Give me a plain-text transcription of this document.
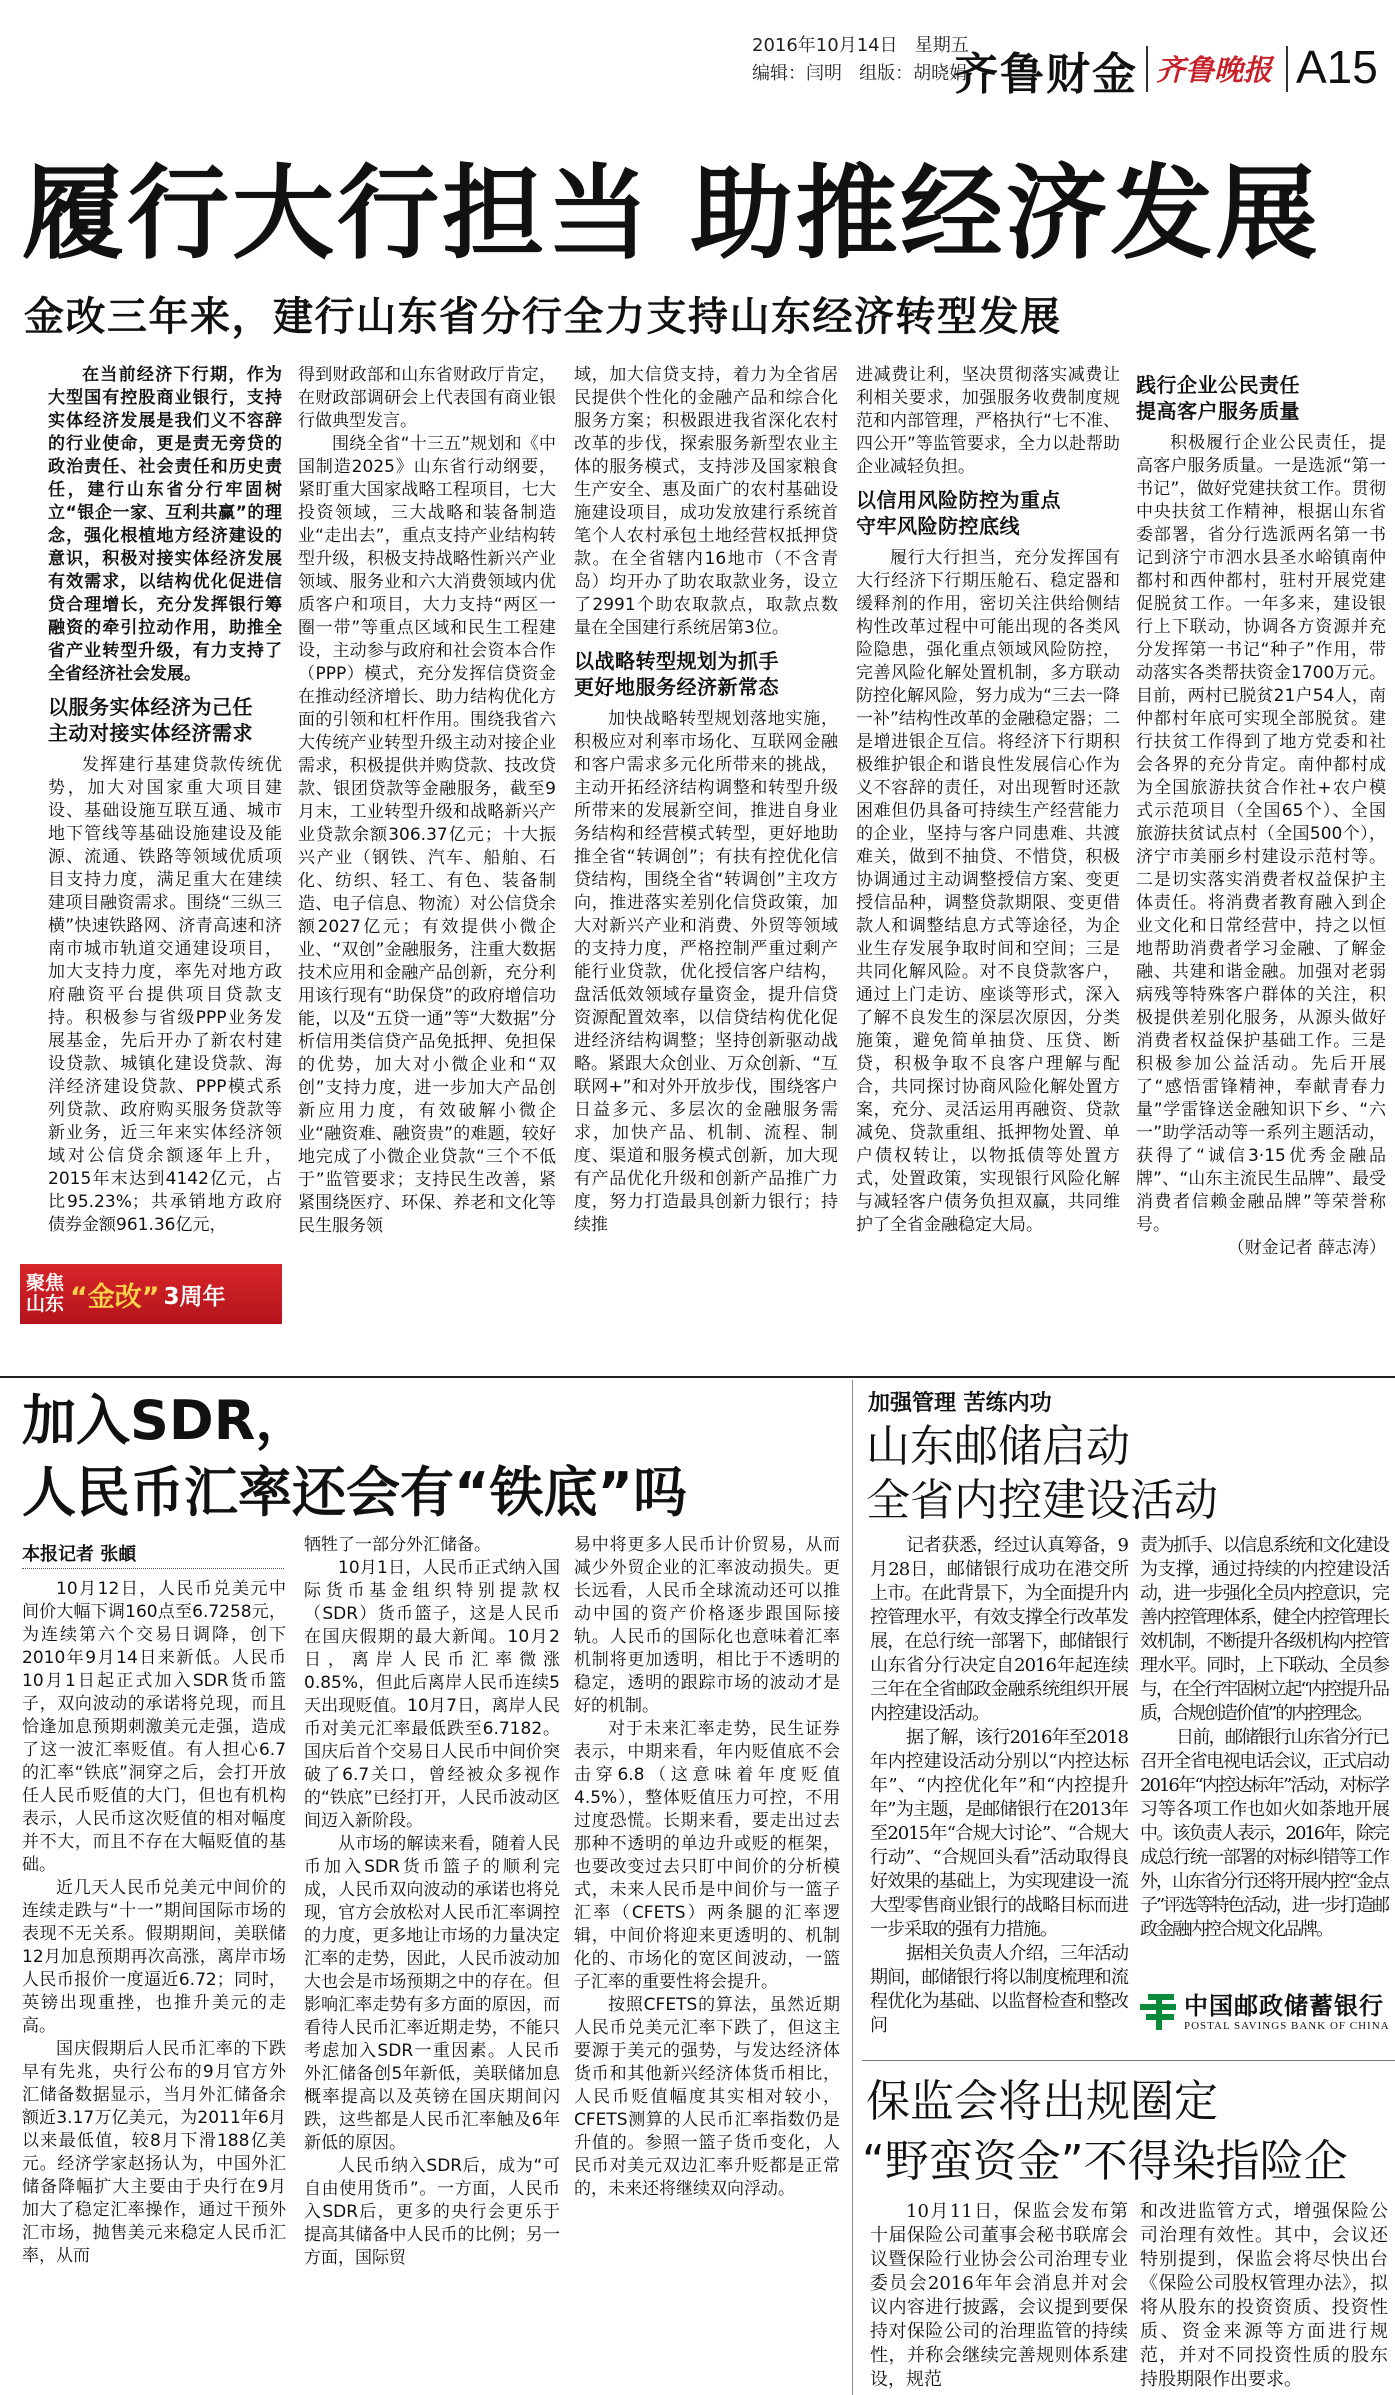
2016年10月14日 星期五
编辑：闫明 组版：胡晓娟
齐鲁财金 齐鲁晚报 A15
履行大行担当 助推经济发展
金改三年来，建行山东省分行全力支持山东经济转型发展

在当前经济下行期，作为大型国有控股商业银行，支持实体经济发展是我们义不容辞的行业使命，更是责无旁贷的政治责任、社会责任和历史责任，建行山东省分行牢固树立“银企一家、互利共赢”的理念，强化根植地方经济建设的意识，积极对接实体经济发展有效需求，以结构优化促进信贷合理增长，充分发挥银行筹融资的牵引拉动作用，助推全省产业转型升级，有力支持了全省经济社会发展。

以服务实体经济为己任
主动对接实体经济需求

发挥建行基建贷款传统优势，加大对国家重大项目建设、基础设施互联互通、城市地下管线等基础设施建设及能源、流通、铁路等领域优质项目支持力度，满足重大在建续建项目融资需求。围绕“三纵三横”快速铁路网、济青高速和济南市城市轨道交通建设项目，加大支持力度，率先对地方政府融资平台提供项目贷款支持。积极参与省级PPP业务发展基金，先后开办了新农村建设贷款、城镇化建设贷款、海洋经济建设贷款、PPP模式系列贷款、政府购买服务贷款等新业务，近三年来实体经济领域对公信贷余额逐年上升，2015年末达到4142亿元，占比95.23%；共承销地方政府债券金额961.36亿元，

得到财政部和山东省财政厅肯定，在财政部调研会上代表国有商业银行做典型发言。

围绕全省“十三五”规划和《中国制造2025》山东省行动纲要，紧盯重大国家战略工程项目，七大投资领域，三大战略和装备制造业“走出去”，重点支持产业结构转型升级，积极支持战略性新兴产业领域、服务业和六大消费领域内优质客户和项目，大力支持“两区一圈一带”等重点区域和民生工程建设，主动参与政府和社会资本合作（PPP）模式，充分发挥信贷资金在推动经济增长、助力结构优化方面的引领和杠杆作用。围绕我省六大传统产业转型升级主动对接企业需求，积极提供并购贷款、技改贷款、银团贷款等金融服务，截至9月末，工业转型升级和战略新兴产业贷款余额306.37亿元；十大振兴产业（钢铁、汽车、船舶、石化、纺织、轻工、有色、装备制造、电子信息、物流）对公信贷余额2027亿元；有效提供小微企业、“双创”金融服务，注重大数据技术应用和金融产品创新，充分利用该行现有“助保贷”的政府增信功能，以及“五贷一通”等“大数据”分析信用类信贷产品免抵押、免担保的优势，加大对小微企业和“双创”支持力度，进一步加大产品创新应用力度，有效破解小微企业“融资难、融资贵”的难题，较好地完成了小微企业贷款“三个不低于”监管要求；支持民生改善，紧紧围绕医疗、环保、养老和文化等民生服务领

域，加大信贷支持，着力为全省居民提供个性化的金融产品和综合化服务方案；积极跟进我省深化农村改革的步伐，探索服务新型农业主体的服务模式，支持涉及国家粮食生产安全、惠及面广的农村基础设施建设项目，成功发放建行系统首笔个人农村承包土地经营权抵押贷款。在全省辖内16地市（不含青岛）均开办了助农取款业务，设立了2991个助农取款点，取款点数量在全国建行系统居第3位。

以战略转型规划为抓手
更好地服务经济新常态

加快战略转型规划落地实施，积极应对利率市场化、互联网金融和客户需求多元化所带来的挑战，主动开拓经济结构调整和转型升级所带来的发展新空间，推进自身业务结构和经营模式转型，更好地助推全省“转调创”；有扶有控优化信贷结构，围绕全省“转调创”主攻方向，推进落实差别化信贷政策，加大对新兴产业和消费、外贸等领域的支持力度，严格控制严重过剩产能行业贷款，优化授信客户结构，盘活低效领域存量资金，提升信贷资源配置效率，以信贷结构优化促进经济结构调整；坚持创新驱动战略。紧跟大众创业、万众创新、“互联网+”和对外开放步伐，围绕客户日益多元、多层次的金融服务需求，加快产品、机制、流程、制度、渠道和服务模式创新，加大现有产品优化升级和创新产品推广力度，努力打造最具创新力银行；持续推

进减费让利，坚决贯彻落实减费让利相关要求，加强服务收费制度规范和内部管理，严格执行“七不准、四公开”等监管要求，全力以赴帮助企业减轻负担。

以信用风险防控为重点
守牢风险防控底线

履行大行担当，充分发挥国有大行经济下行期压舱石、稳定器和缓释剂的作用，密切关注供给侧结构性改革过程中可能出现的各类风险隐患，强化重点领域风险防控，完善风险化解处置机制，多方联动防控化解风险，努力成为“三去一降一补”结构性改革的金融稳定器；二是增进银企互信。将经济下行期积极维护银企和谐良性发展信心作为义不容辞的责任，对出现暂时还款困难但仍具备可持续生产经营能力的企业，坚持与客户同患难、共渡难关，做到不抽贷、不惜贷，积极协调通过主动调整授信方案、变更授信品种，调整贷款期限、变更借款人和调整结息方式等途径，为企业生存发展争取时间和空间；三是共同化解风险。对不良贷款客户，通过上门走访、座谈等形式，深入了解不良发生的深层次原因，分类施策，避免简单抽贷、压贷、断贷，积极争取不良客户理解与配合，共同探讨协商风险化解处置方案，充分、灵活运用再融资、贷款减免、贷款重组、抵押物处置、单户债权转让，以物抵债等处置方式，处置政策，实现银行风险化解与减轻客户债务负担双赢，共同维护了全省金融稳定大局。

践行企业公民责任
提高客户服务质量

积极履行企业公民责任，提高客户服务质量。一是选派“第一书记”，做好党建扶贫工作。贯彻中央扶贫工作精神，根据山东省委部署，省分行选派两名第一书记到济宁市泗水县圣水峪镇南仲都村和西仲都村，驻村开展党建促脱贫工作。一年多来，建设银行上下联动，协调各方资源并充分发挥第一书记“种子”作用，带动落实各类帮扶资金1700万元。目前，两村已脱贫21户54人，南仲都村年底可实现全部脱贫。建行扶贫工作得到了地方党委和社会各界的充分肯定。南仲都村成为全国旅游扶贫合作社+农户模式示范项目（全国65个）、全国旅游扶贫试点村（全国500个），济宁市美丽乡村建设示范村等。二是切实落实消费者权益保护主体责任。将消费者教育融入到企业文化和日常经营中，持之以恒地帮助消费者学习金融、了解金融、共建和谐金融。加强对老弱病残等特殊客户群体的关注，积极提供差别化服务，从源头做好消费者权益保护基础工作。三是积极参加公益活动。先后开展了“感悟雷锋精神，奉献青春力量”学雷锋送金融知识下乡、“六一”助学活动等一系列主题活动，获得了“诚信3·15优秀金融品牌”、“山东主流民生品牌”、最受消费者信赖金融品牌”等荣誉称号。

（财金记者 薛志涛）

聚焦
山东 “金改” 3周年
加入SDR，
人民币汇率还会有“铁底”吗
本报记者 张頔

10月12日，人民币兑美元中间价大幅下调160点至6.7258元，为连续第六个交易日调降，创下2010年9月14日来新低。人民币10月1日起正式加入SDR货币篮子，双向波动的承诺将兑现，而且恰逢加息预期刺激美元走强，造成了这一波汇率贬值。有人担心6.7的汇率“铁底”洞穿之后，会打开放任人民币贬值的大门，但也有机构表示，人民币这次贬值的相对幅度并不大，而且不存在大幅贬值的基础。

近几天人民币兑美元中间价的连续走跌与“十一”期间国际市场的表现不无关系。假期期间，美联储12月加息预期再次高涨，离岸市场人民币报价一度逼近6.72；同时，英镑出现重挫，也推升美元的走高。

国庆假期后人民币汇率的下跌早有先兆，央行公布的9月官方外汇储备数据显示，当月外汇储备余额近3.17万亿美元，为2011年6月以来最低值，较8月下滑188亿美元。经济学家赵扬认为，中国外汇储备降幅扩大主要由于央行在9月加大了稳定汇率操作，通过干预外汇市场，抛售美元来稳定人民币汇率，从而

牺牲了一部分外汇储备。

10月1日，人民币正式纳入国际货币基金组织特别提款权（SDR）货币篮子，这是人民币在国庆假期的最大新闻。10月2日，离岸人民币汇率微涨0.85%，但此后离岸人民币连续5天出现贬值。10月7日，离岸人民币对美元汇率最低跌至6.7182。国庆后首个交易日人民币中间价突破了6.7关口，曾经被众多视作的“铁底”已经打开，人民币波动区间迈入新阶段。

从市场的解读来看，随着人民币加入SDR货币篮子的顺利完成，人民币双向波动的承诺也将兑现，官方会放松对人民币汇率调控的力度，更多地让市场的力量决定汇率的走势，因此，人民币波动加大也会是市场预期之中的存在。但影响汇率走势有多方面的原因，而看待人民币汇率近期走势，不能只考虑加入SDR一重因素。人民币外汇储备创5年新低，美联储加息概率提高以及英镑在国庆期间闪跌，这些都是人民币汇率触及6年新低的原因。

人民币纳入SDR后，成为“可自由使用货币”。一方面，人民币入SDR后，更多的央行会更乐于提高其储备中人民币的比例；另一方面，国际贸

易中将更多人民币计价贸易，从而减少外贸企业的汇率波动损失。更长远看，人民币全球流动还可以推动中国的资产价格逐步跟国际接轨。人民币的国际化也意味着汇率机制将更加透明，相比于不透明的稳定，透明的跟踪市场的波动才是好的机制。

对于未来汇率走势，民生证券表示，中期来看，年内贬值底不会击穿6.8（这意味着年度贬值4.5%），整体贬值压力可控，不用过度恐慌。长期来看，要走出过去那种不透明的单边升或贬的框架，也要改变过去只盯中间价的分析模式，未来人民币是中间价与一篮子汇率（CFETS）两条腿的汇率逻辑，中间价将迎来更透明的、机制化的、市场化的宽区间波动，一篮子汇率的重要性将会提升。

按照CFETS的算法，虽然近期人民币兑美元汇率下跌了，但这主要源于美元的强势，与发达经济体货币和其他新兴经济体货币相比，人民币贬值幅度其实相对较小，CFETS测算的人民币汇率指数仍是升值的。参照一篮子货币变化，人民币对美元双边汇率升贬都是正常的，未来还将继续双向浮动。

加强管理 苦练内功
山东邮储启动
全省内控建设活动

记者获悉，经过认真筹备，9月28日，邮储银行成功在港交所上市。在此背景下，为全面提升内控管理水平，有效支撑全行改革发展，在总行统一部署下，邮储银行山东省分行决定自2016年起连续三年在全省邮政金融系统组织开展内控建设活动。

据了解，该行2016年至2018年内控建设活动分别以“内控达标年”、“内控优化年”和“内控提升年”为主题，是邮储银行在2013年至2015年“合规大讨论”、“合规大行动”、“合规回头看”活动取得良好效果的基础上，为实现建设一流大型零售商业银行的战略目标而进一步采取的强有力措施。

据相关负责人介绍，三年活动期间，邮储银行将以制度梳理和流程优化为基础、以监督检查和整改问

责为抓手、以信息系统和文化建设为支撑，通过持续的内控建设活动，进一步强化全员内控意识，完善内控管理体系，健全内控管理长效机制，不断提升各级机构内控管理水平。同时，上下联动、全员参与，在全行牢固树立起“内控提升品质，合规创造价值”的内控理念。

日前，邮储银行山东省分行已召开全省电视电话会议，正式启动2016年“内控达标年”活动，对标学习等各项工作也如火如荼地开展中。该负责人表示，2016年，除完成总行统一部署的对标纠错等工作外，山东省分行还将开展内控“金点子”评选等特色活动，进一步打造邮政金融内控合规文化品牌。

中国邮政储蓄银行
POSTAL SAVINGS BANK OF CHINA
保监会将出规圈定
“野蛮资金”不得染指险企

10月11日，保监会发布第十届保险公司董事会秘书联席会议暨保险行业协会公司治理专业委员会2016年年会消息并对会议内容进行披露，会议提到要保持对保险公司的治理监管的持续性，并称会继续完善规则体系建设，规范

和改进监管方式，增强保险公司治理有效性。其中，会议还特别提到，保监会将尽快出台《保险公司股权管理办法》，拟将从股东的投资资质、投资性质、资金来源等方面进行规范，并对不同投资性质的股东持股期限作出要求。
